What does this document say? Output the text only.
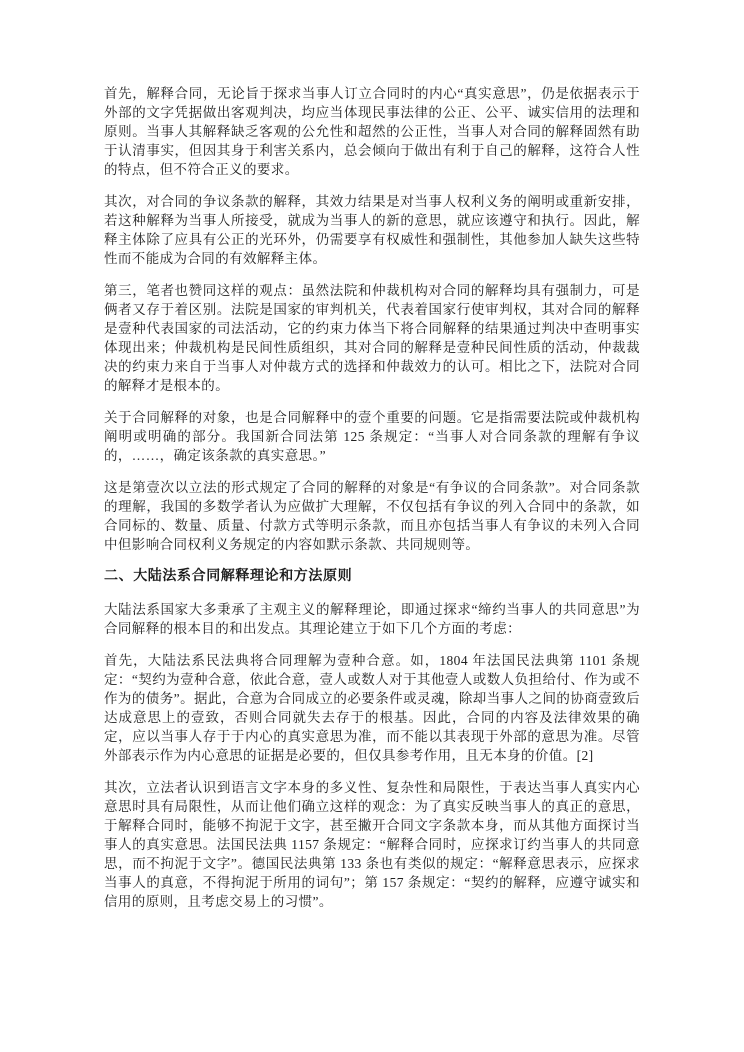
首先，解释合同，无论旨于探求当事人订立合同时的内心“真实意思”，仍是依据表示于外部的文字凭据做出客观判决，均应当体现民事法律的公正、公平、诚实信用的法理和原则。当事人其解释缺乏客观的公允性和超然的公正性，当事人对合同的解释固然有助于认清事实，但因其身于利害关系内，总会倾向于做出有利于自己的解释，这符合人性的特点，但不符合正义的要求。

其次，对合同的争议条款的解释，其效力结果是对当事人权利义务的阐明或重新安排，若这种解释为当事人所接受，就成为当事人的新的意思，就应该遵守和执行。因此，解释主体除了应具有公正的光环外，仍需要享有权威性和强制性，其他参加人缺失这些特性而不能成为合同的有效解释主体。

第三，笔者也赞同这样的观点：虽然法院和仲裁机构对合同的解释均具有强制力，可是俩者又存于着区别。法院是国家的审判机关，代表着国家行使审判权，其对合同的解释是壹种代表国家的司法活动，它的约束力体当下将合同解释的结果通过判决中查明事实体现出来；仲裁机构是民间性质组织，其对合同的解释是壹种民间性质的活动，仲裁裁决的约束力来自于当事人对仲裁方式的选择和仲裁效力的认可。相比之下，法院对合同的解释才是根本的。

关于合同解释的对象，也是合同解释中的壹个重要的问题。它是指需要法院或仲裁机构阐明或明确的部分。我国新合同法第 125 条规定：“当事人对合同条款的理解有争议的，……，确定该条款的真实意思。”

这是第壹次以立法的形式规定了合同的解释的对象是“有争议的合同条款”。对合同条款的理解，我国的多数学者认为应做扩大理解，不仅包括有争议的列入合同中的条款，如合同标的、数量、质量、付款方式等明示条款，而且亦包括当事人有争议的未列入合同中但影响合同权利义务规定的内容如默示条款、共同规则等。

二、大陆法系合同解释理论和方法原则

大陆法系国家大多秉承了主观主义的解释理论，即通过探求“缔约当事人的共同意思”为合同解释的根本目的和出发点。其理论建立于如下几个方面的考虑：

首先，大陆法系民法典将合同理解为壹种合意。如，1804 年法国民法典第 1101 条规定：“契约为壹种合意，依此合意，壹人或数人对于其他壹人或数人负担给付、作为或不作为的债务”。据此，合意为合同成立的必要条件或灵魂，除却当事人之间的协商壹致后达成意思上的壹致，否则合同就失去存于的根基。因此，合同的内容及法律效果的确定，应以当事人存于于内心的真实意思为准，而不能以其表现于外部的意思为准。尽管外部表示作为内心意思的证据是必要的，但仅具参考作用，且无本身的价值。[2]

其次，立法者认识到语言文字本身的多义性、复杂性和局限性，于表达当事人真实内心意思时具有局限性，从而让他们确立这样的观念：为了真实反映当事人的真正的意思，于解释合同时，能够不拘泥于文字，甚至撇开合同文字条款本身，而从其他方面探讨当事人的真实意思。法国民法典 1157 条规定：“解释合同时，应探求订约当事人的共同意思，而不拘泥于文字”。德国民法典第 133 条也有类似的规定：“解释意思表示，应探求当事人的真意，不得拘泥于所用的词句”；第 157 条规定：“契约的解释，应遵守诚实和信用的原则，且考虑交易上的习惯”。
